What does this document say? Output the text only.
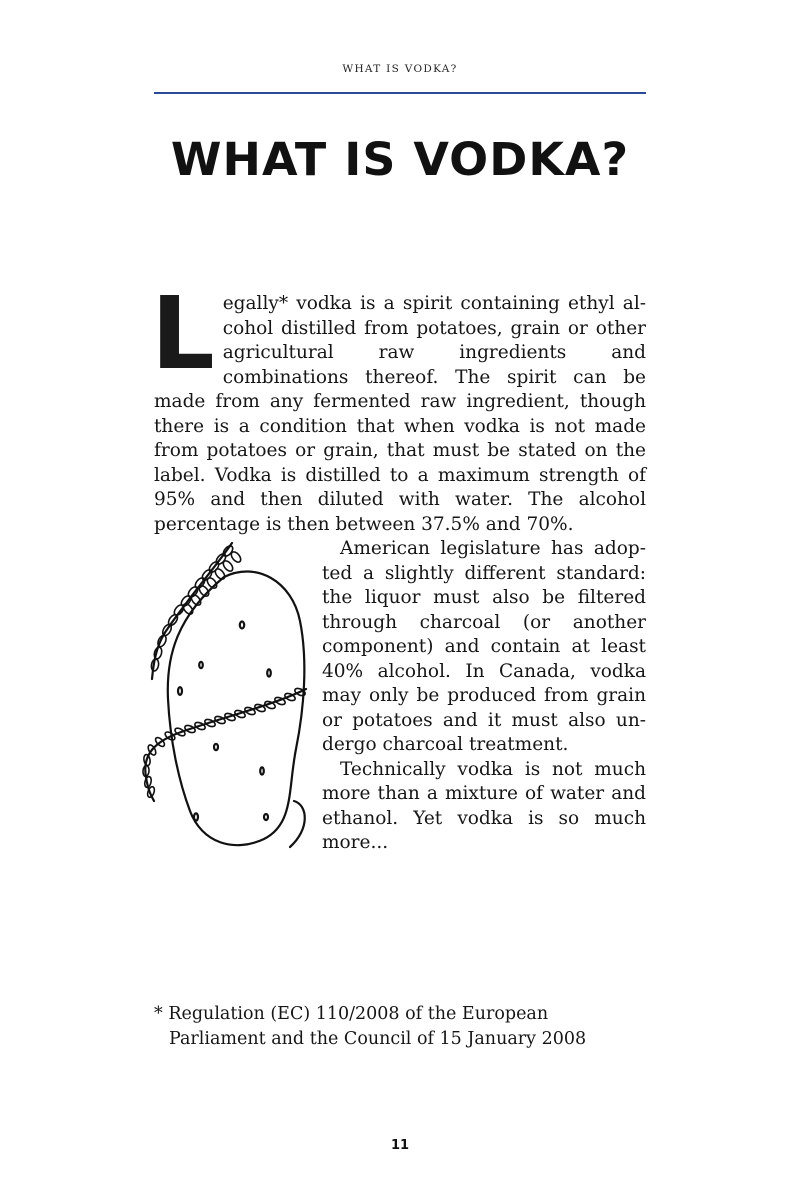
WHAT IS VODKA?
WHAT IS VODKA?

Legally* vodka is a spirit containing ethyl alcohol distilled from potatoes, grain or other agricultural raw ingredients and combinations thereof. The spirit can be made from any fermented raw ingredient, though there is a condition that when vodka is not made from potatoes or grain, that must be stated on the label. Vodka is distilled to a maximum strength of 95% and then diluted with water. The alcohol percentage is then between 37.5% and 70%.

American legislature has adopted a slightly different standard: the liquor must also be filtered through charcoal (or another component) and contain at least 40% alcohol. In Canada, vodka may only be produced from grain or potatoes and it must also undergo charcoal treatment.

Technically vodka is not much more than a mixture of water and ethanol. Yet vodka is so much more...

* Regulation (EC) 110/2008 of the European
Parliament and the Council of 15 January 2008
11
